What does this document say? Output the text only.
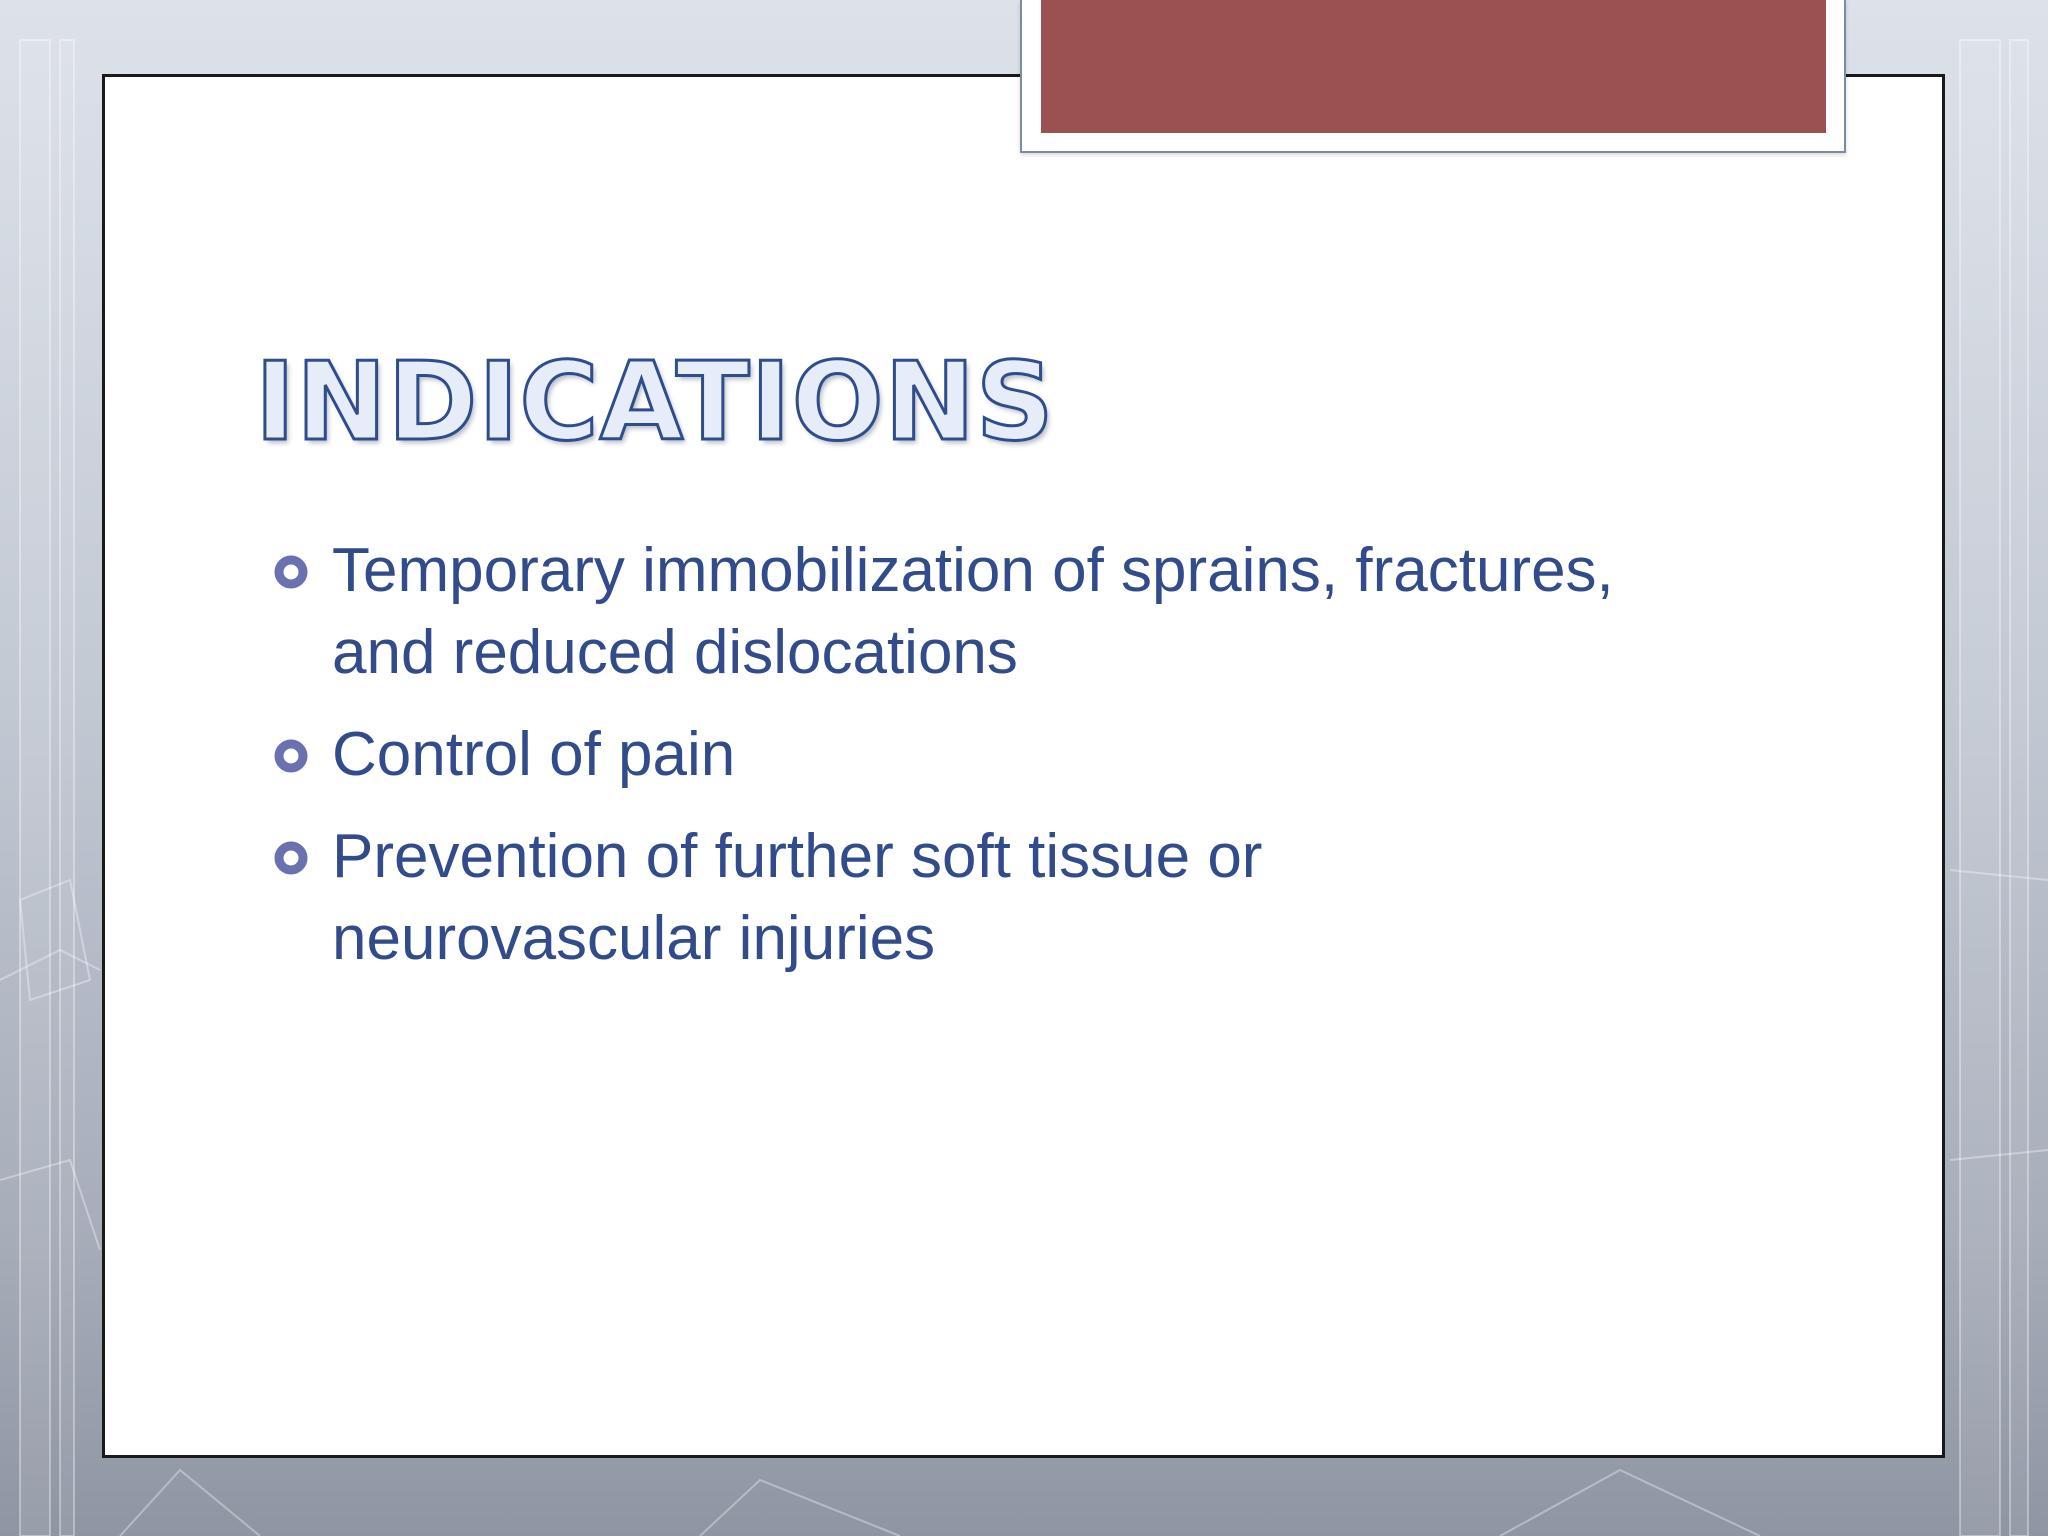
INDICATIONS
Temporary immobilization of sprains, fractures, and reduced dislocations
Control of pain
Prevention of further soft tissue or neurovascular injuries
